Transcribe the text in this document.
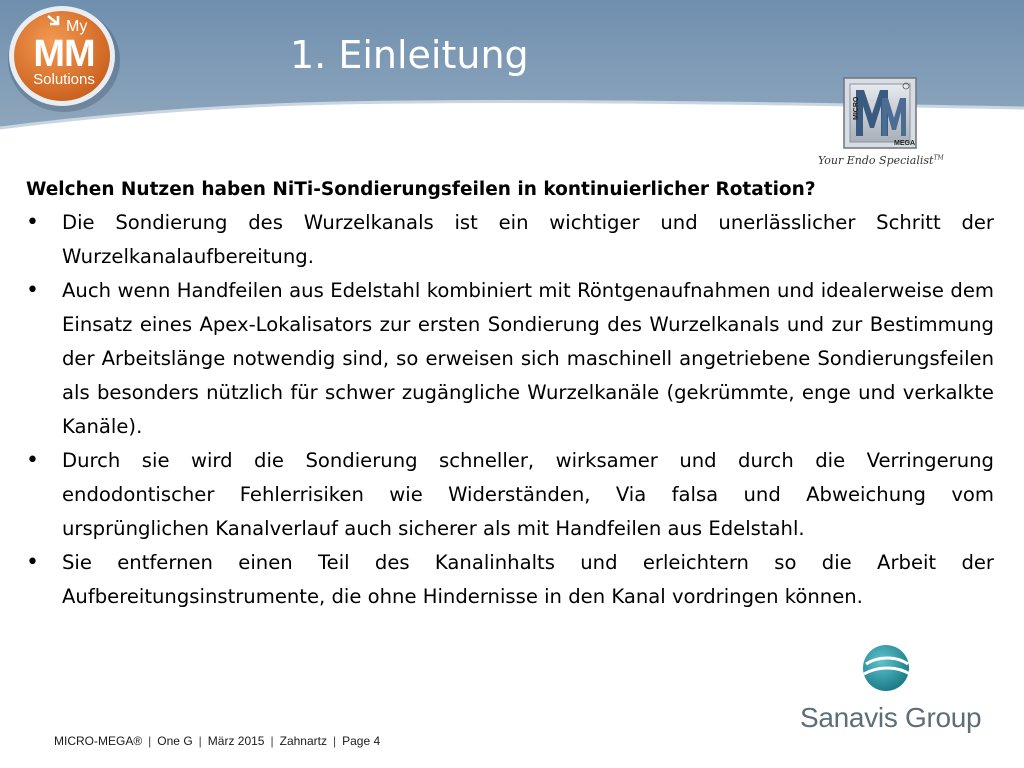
My
MM
Solutions
1. Einleitung
MICRO
MEGA

Your Endo Specialist™

Welchen Nutzen haben NiTi-Sondierungsfeilen in kontinuierlicher Rotation?

• Die Sondierung des Wurzelkanals ist ein wichtiger und unerlässlicher Schritt der Wurzelkanalaufbereitung.
• Auch wenn Handfeilen aus Edelstahl kombiniert mit Röntgenaufnahmen und idealerweise dem Einsatz eines Apex-Lokalisators zur ersten Sondierung des Wurzelkanals und zur Bestimmung der Arbeitslänge notwendig sind, so erweisen sich maschinell angetriebene Sondierungsfeilen als besonders nützlich für schwer zugängliche Wurzelkanäle (gekrümmte, enge und verkalkte Kanäle).
• Durch sie wird die Sondierung schneller, wirksamer und durch die Verringerung endodontischer Fehlerrisiken wie Widerständen, Via falsa und Abweichung vom ursprünglichen Kanalverlauf auch sicherer als mit Handfeilen aus Edelstahl.
• Sie entfernen einen Teil des Kanalinhalts und erleichtern so die Arbeit der Aufbereitungsinstrumente, die ohne Hindernisse in den Kanal vordringen können.

Sanavis Group

MICRO-MEGA® | One G | März 2015 | Zahnartz | Page 4
